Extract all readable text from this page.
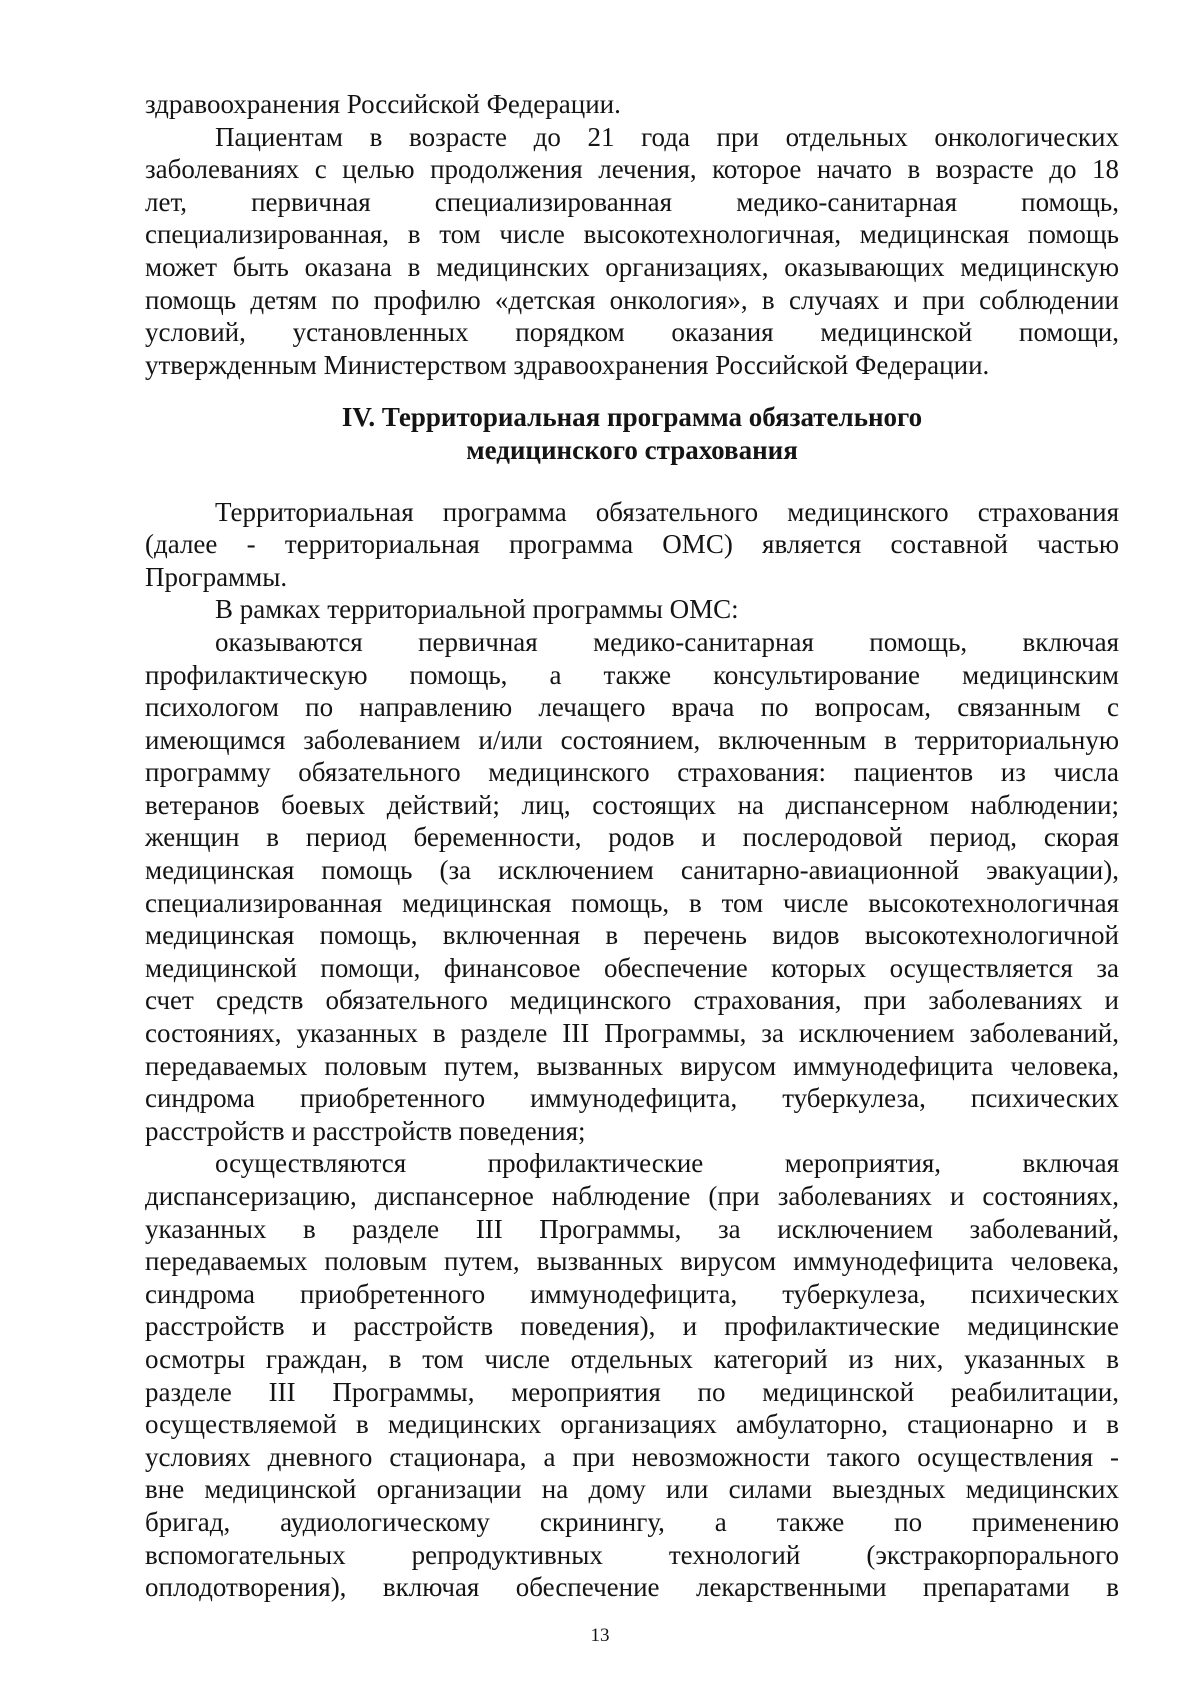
здравоохранения Российской Федерации.
Пациентам в возрасте до 21 года при отдельных онкологических
заболеваниях с целью продолжения лечения, которое начато в возрасте до 18
лет, первичная специализированная медико-санитарная помощь,
специализированная, в том числе высокотехнологичная, медицинская помощь
может быть оказана в медицинских организациях, оказывающих медицинскую
помощь детям по профилю «детская онкология», в случаях и при соблюдении
условий, установленных порядком оказания медицинской помощи,
утвержденным Министерством здравоохранения Российской Федерации.
IV. Территориальная программа обязательного
медицинского страхования
Территориальная программа обязательного медицинского страхования
(далее - территориальная программа ОМС) является составной частью
Программы.
В рамках территориальной программы ОМС:
оказываются первичная медико-санитарная помощь, включая
профилактическую помощь, а также консультирование медицинским
психологом по направлению лечащего врача по вопросам, связанным с
имеющимся заболеванием и/или состоянием, включенным в территориальную
программу обязательного медицинского страхования: пациентов из числа
ветеранов боевых действий; лиц, состоящих на диспансерном наблюдении;
женщин в период беременности, родов и послеродовой период, скорая
медицинская помощь (за исключением санитарно-авиационной эвакуации),
специализированная медицинская помощь, в том числе высокотехнологичная
медицинская помощь, включенная в перечень видов высокотехнологичной
медицинской помощи, финансовое обеспечение которых осуществляется за
счет средств обязательного медицинского страхования, при заболеваниях и
состояниях, указанных в разделе III Программы, за исключением заболеваний,
передаваемых половым путем, вызванных вирусом иммунодефицита человека,
синдрома приобретенного иммунодефицита, туберкулеза, психических
расстройств и расстройств поведения;
осуществляются профилактические мероприятия, включая
диспансеризацию, диспансерное наблюдение (при заболеваниях и состояниях,
указанных в разделе III Программы, за исключением заболеваний,
передаваемых половым путем, вызванных вирусом иммунодефицита человека,
синдрома приобретенного иммунодефицита, туберкулеза, психических
расстройств и расстройств поведения), и профилактические медицинские
осмотры граждан, в том числе отдельных категорий из них, указанных в
разделе III Программы, мероприятия по медицинской реабилитации,
осуществляемой в медицинских организациях амбулаторно, стационарно и в
условиях дневного стационара, а при невозможности такого осуществления -
вне медицинской организации на дому или силами выездных медицинских
бригад, аудиологическому скринингу, а также по применению
вспомогательных репродуктивных технологий (экстракорпорального
оплодотворения), включая обеспечение лекарственными препаратами в
13
